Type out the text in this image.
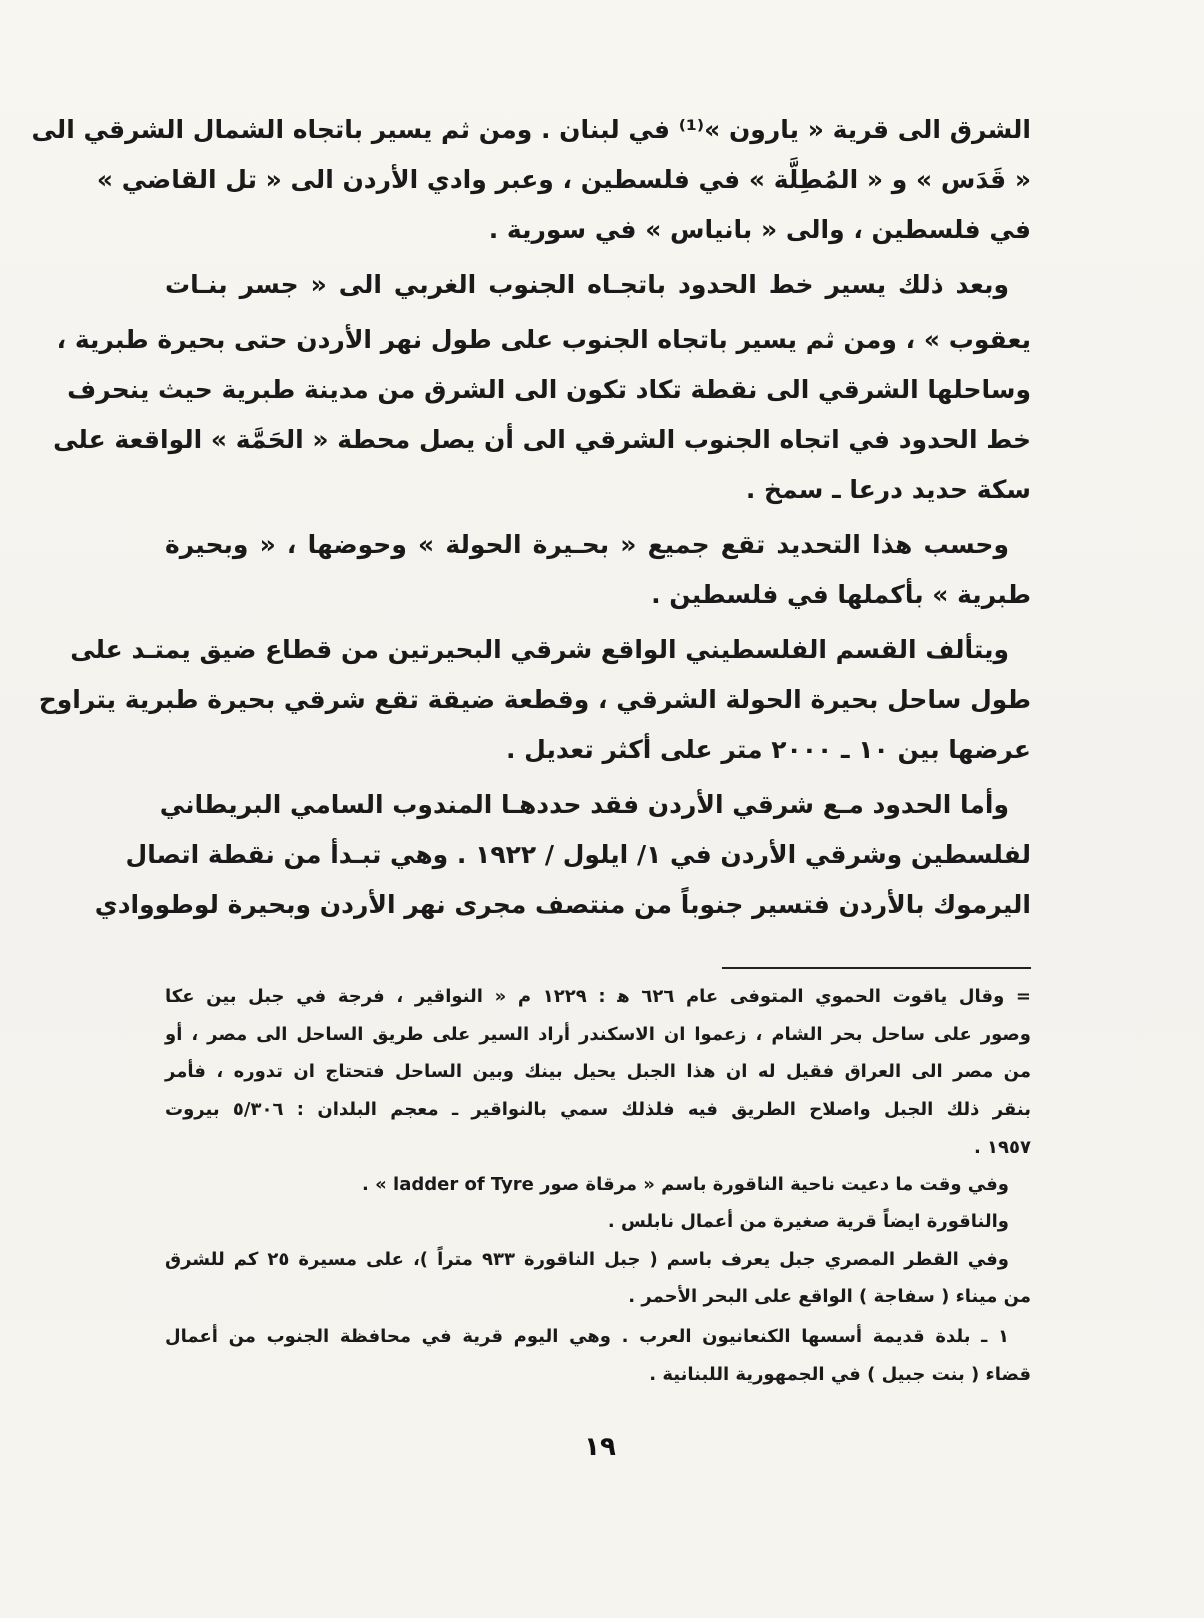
الشرق الى قرية « يارون »⁽¹⁾ في لبنان . ومن ثم يسير باتجاه الشمال الشرقي الى
« قَدَس » و « المُطِلَّة » في فلسطين ، وعبر وادي الأردن الى « تل القاضي »
في فلسطين ، والى « بانياس » في سورية .
وبعد ذلك يسير خط الحدود باتجـاه الجنوب الغربي الى « جسر بنـات
يعقوب » ، ومن ثم يسير باتجاه الجنوب على طول نهر الأردن حتى بحيرة طبرية ،
وساحلها الشرقي الى نقطة تكاد تكون الى الشرق من مدينة طبرية حيث ينحرف
خط الحدود في اتجاه الجنوب الشرقي الى أن يصل محطة « الحَمَّة » الواقعة على
سكة حديد درعا ـ سمخ .
وحسب هذا التحديد تقع جميع « بحـيرة الحولة » وحوضها ، « وبحيرة
طبرية » بأكملها في فلسطين .
ويتألف القسم الفلسطيني الواقع شرقي البحيرتين من قطاع ضيق يمتـد على
طول ساحل بحيرة الحولة الشرقي ، وقطعة ضيقة تقع شرقي بحيرة طبرية يتراوح
عرضها بين ١٠ ـ ٢٠٠٠ متر على أكثر تعديل .
وأما الحدود مـع شرقي الأردن فقد حددهـا المندوب السامي البريطاني
لفلسطين وشرقي الأردن في ١/ ايلول / ١٩٢٢ . وهي تبـدأ من نقطة اتصال
اليرموك بالأردن فتسير جنوباً من منتصف مجرى نهر الأردن وبحيرة لوطووادي
= وقال ياقوت الحموي المتوفى عام ٦٢٦ ﻫ : ١٢٢٩ م « النواقير ، فرجة في جبل بين عكا
وصور على ساحل بحر الشام ، زعموا ان الاسكندر أراد السير على طريق الساحل الى مصر ، أو
من مصر الى العراق فقيل له ان هذا الجبل يحيل بينك وبين الساحل فتحتاج ان تدوره ، فأمر
بنقر ذلك الجبل واصلاح الطريق فيه فلذلك سمي بالنواقير ـ معجم البلدان : ٥/٣٠٦ بيروت
١٩٥٧ .
وفي وقت ما دعيت ناحية الناقورة باسم « مرقاة صور ladder of Tyre » .
والناقورة ايضاً قرية صغيرة من أعمال نابلس .
وفي القطر المصري جبل يعرف باسم ( جبل الناقورة ٩٣٣ متراً )، على مسيرة ٢٥ كم للشرق
من ميناء ( سفاجة ) الواقع على البحر الأحمر .
١ ـ بلدة قديمة أسسها الكنعانيون العرب . وهي اليوم قرية في محافظة الجنوب من أعمال
قضاء ( بنت جبيل ) في الجمهورية اللبنانية .
١٩
